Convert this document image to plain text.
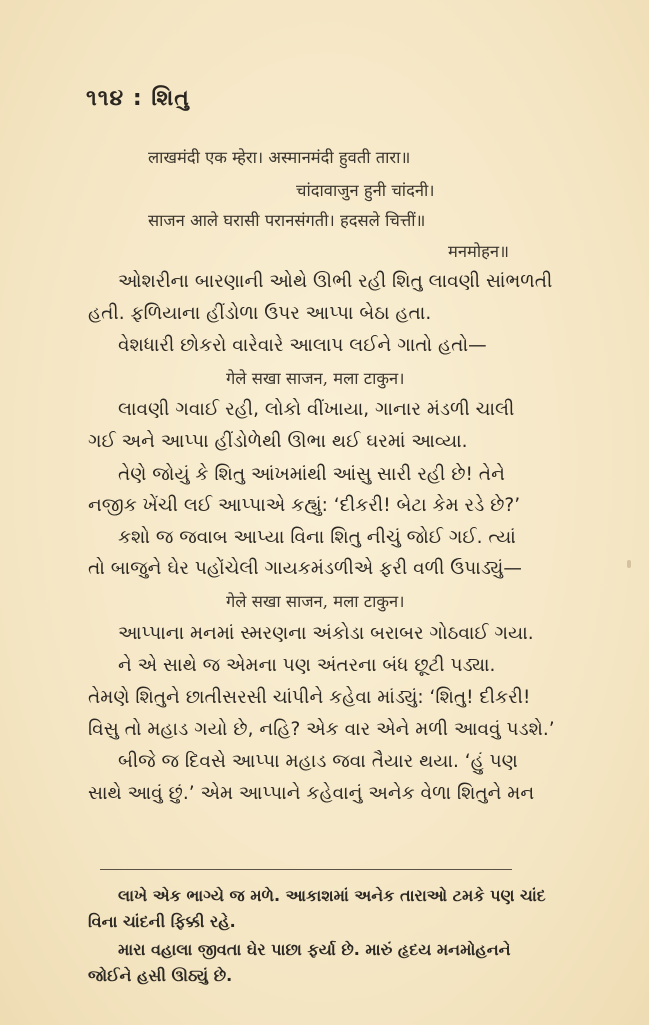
૧૧૪ : શિતુ
लाखमंदी एक म्हेरा। अस्मानमंदी हुवती तारा॥
चांदावाजुन हुनी चांदनी।
साजन आले घरासी परानसंगती। हदसले चित्तीं॥
मनमोहन॥
ઓશરીના બારણાની ઓથે ઊભી રહી શિતુ લાવણી સાંભળતી
હતી. ફળિયાના હીંડોળા ઉપર આપ્પા બેઠા હતા.
વેશધારી છોકરો વારેવારે આલાપ લઈને ગાતો હતો—
गेले सखा साजन, मला टाकुन।
લાવણી ગવાઈ રહી, લોકો વીંખાયા, ગાનાર મંડળી ચાલી
ગઈ અને આપ્પા હીંડોળેથી ઊભા થઈ ઘરમાં આવ્યા.
તેણે જોયું કે શિતુ આંખમાંથી આંસુ સારી રહી છે! તેને
નજીક ખેંચી લઈ આપ્પાએ કહ્યું: ‘દીકરી! બેટા કેમ રડે છે?’
કશો જ જવાબ આપ્યા વિના શિતુ નીચું જોઈ ગઈ. ત્યાં
તો બાજુને ઘેર પહોંચેલી ગાયકમંડળીએ ફરી વળી ઉપાડ્યું—
गेले सखा साजन, मला टाकुन।
આપ્પાના મનમાં સ્મરણના અંકોડા બરાબર ગોઠવાઈ ગયા.
ને એ સાથે જ એમના પણ અંતરના બંધ છૂટી પડ્યા.
તેમણે શિતુને છાતીસરસી ચાંપીને કહેવા માંડ્યું: ‘શિતુ! દીકરી!
વિસુ તો મહાડ ગયો છે, નહિ? એક વાર એને મળી આવવું પડશે.’
બીજે જ દિવસે આપ્પા મહાડ જવા તૈયાર થયા. ‘હું પણ
સાથે આવું છું.’ એમ આપ્પાને કહેવાનું અનેક વેળા શિતુને મન
લાખે એક ભાગ્યે જ મળે. આકાશમાં અનેક તારાઓ ટમકે પણ ચાંદ
વિના ચાંદની ફિક્કી રહે.
મારા વહાલા જીવતા ઘેર પાછા ફર્યા છે. મારું હૃદય મનમોહનને
જોઈને હસી ઊઠ્યું છે.
